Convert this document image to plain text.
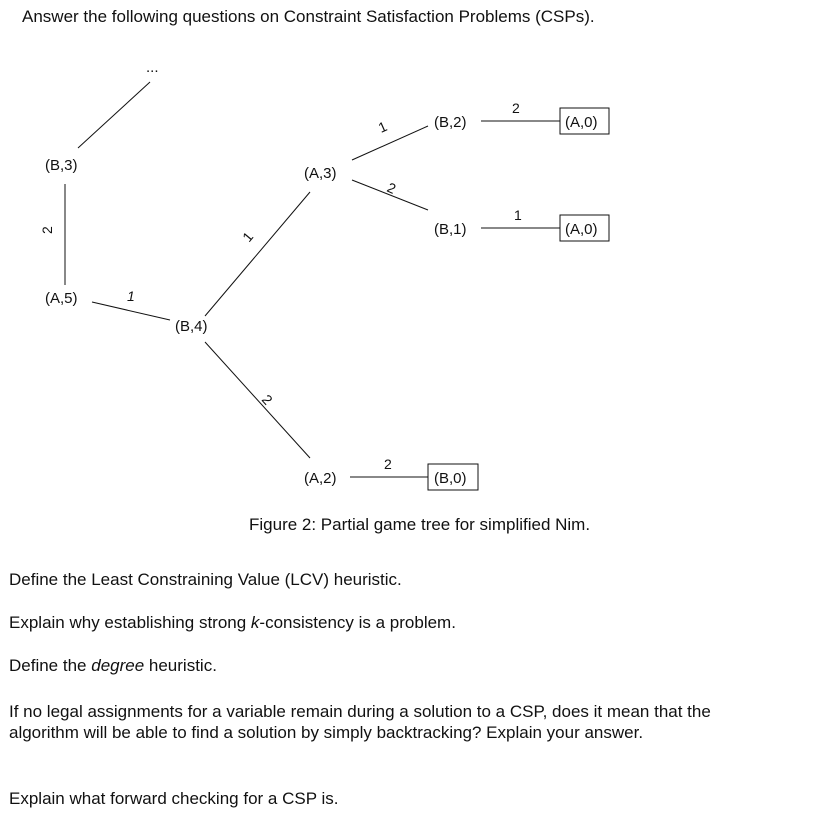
Answer the following questions on Constraint Satisfaction Problems (CSPs).
...
(B,3)
(A,5)
(B,4)
(A,3)
(A,2)
(B,2)
(B,1)
(A,0)
(A,0)
(B,0)
2
1
1
2
1
2
2
1
2
Figure 2: Partial game tree for simplified Nim.
Define the Least Constraining Value (LCV) heuristic.
Explain why establishing strong k-consistency is a problem.
Define the degree heuristic.
If no legal assignments for a variable remain during a solution to a CSP, does it mean that the algorithm will be able to find a solution by simply backtracking? Explain your answer.
Explain what forward checking for a CSP is.
